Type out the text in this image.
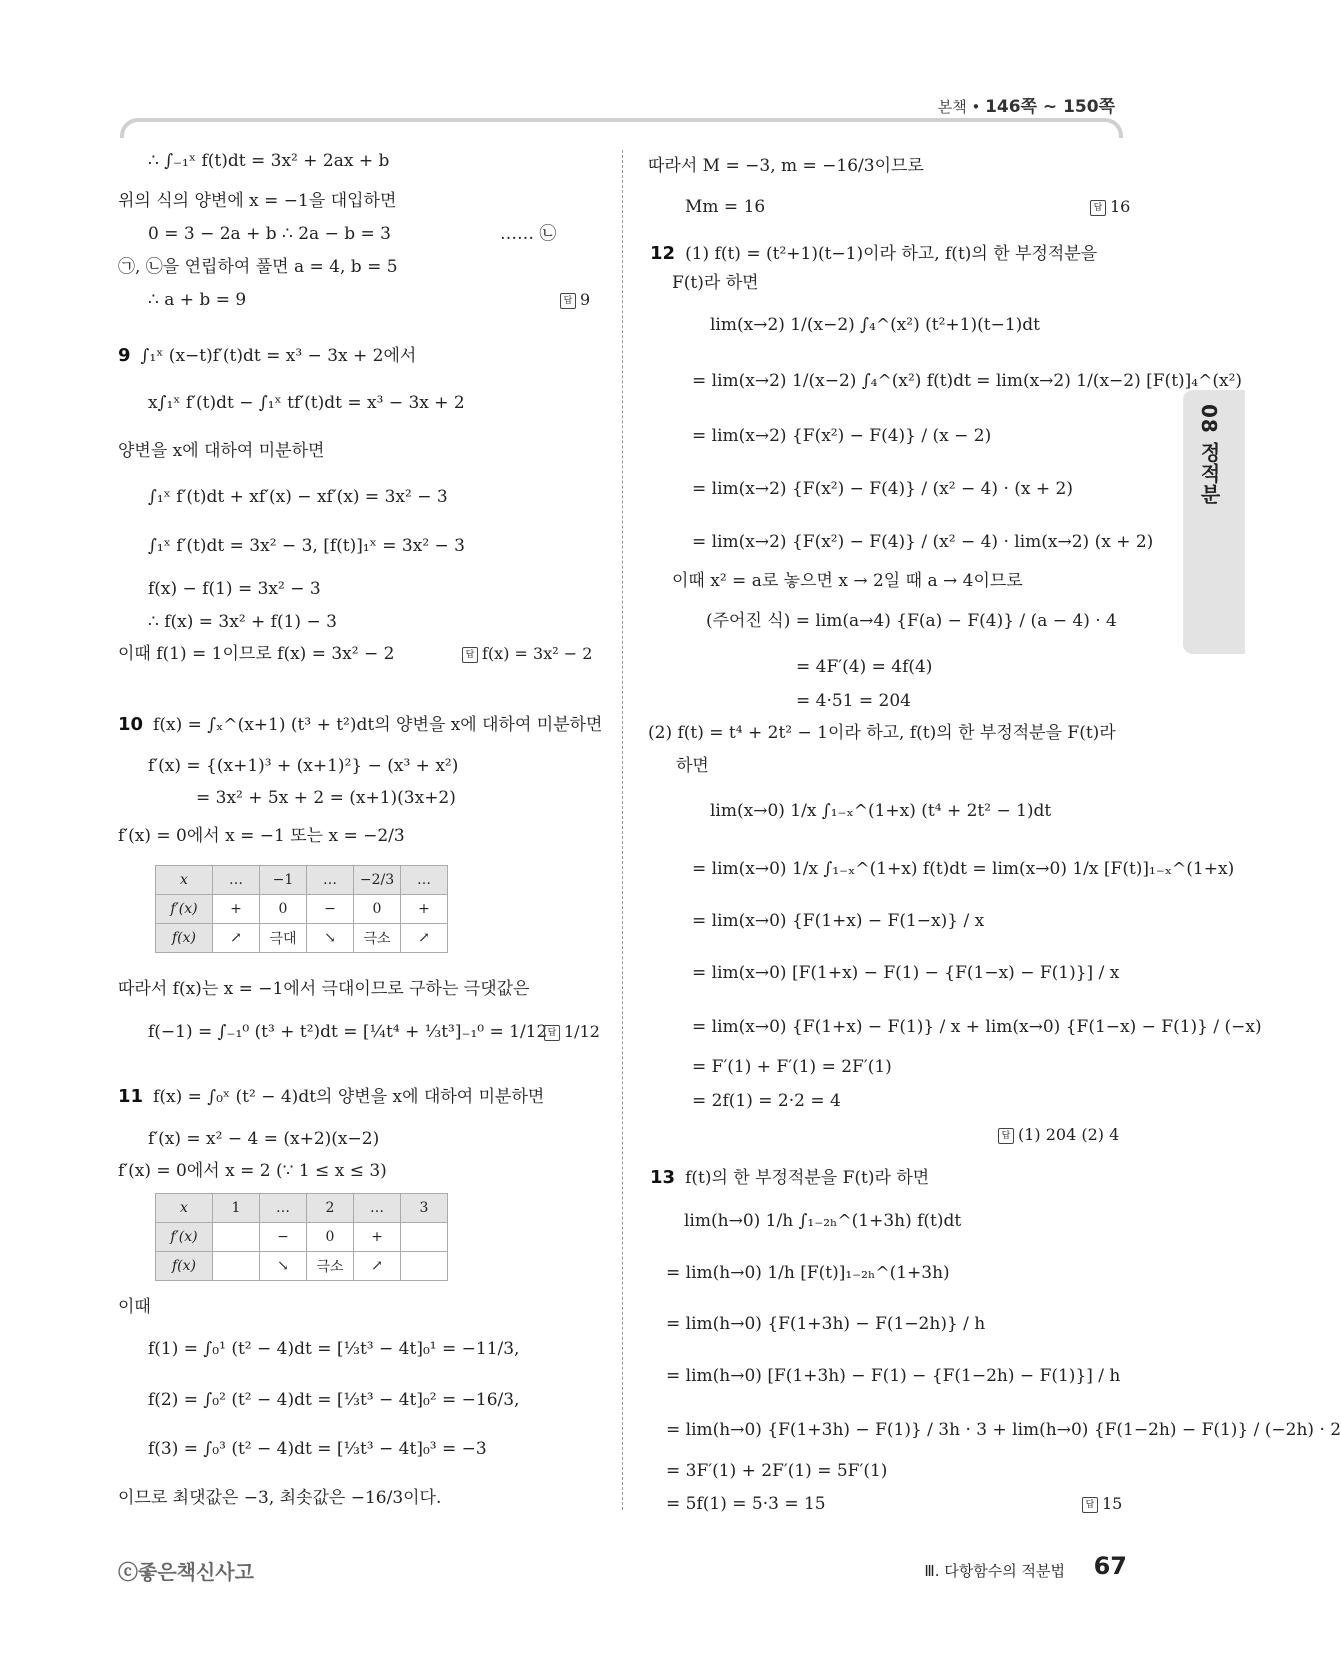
본책 • 146쪽 ~ 150쪽
08 정적분
∴ ∫₋₁ˣ f(t)dt = 3x² + 2ax + b
위의 식의 양변에 x = −1을 대입하면
0 = 3 − 2a + b ∴ 2a − b = 3	…… ㉡
㉠, ㉡을 연립하여 풀면 a = 4, b = 5
∴ a + b = 9	답 9
9 ∫₁ˣ (x−t)f′(t)dt = x³ − 3x + 2에서
x∫₁ˣ f′(t)dt − ∫₁ˣ tf′(t)dt = x³ − 3x + 2
양변을 x에 대하여 미분하면
∫₁ˣ f′(t)dt + xf′(x) − xf′(x) = 3x² − 3
∫₁ˣ f′(t)dt = 3x² − 3, [f(t)]₁ˣ = 3x² − 3
f(x) − f(1) = 3x² − 3
∴ f(x) = 3x² + f(1) − 3
이때 f(1) = 1이므로 f(x) = 3x² − 2	답 f(x) = 3x² − 2
10 f(x) = ∫ₓ^(x+1) (t³ + t²)dt의 양변을 x에 대하여 미분하면
f′(x) = {(x+1)³ + (x+1)²} − (x³ + x²)
= 3x² + 5x + 2 = (x+1)(3x+2)
f′(x) = 0에서 x = −1 또는 x = −2/3
x	…	−1	…	−2/3	…
f′(x)	+	0	−	0	+
f(x)	↗	극대	↘	극소	↗
따라서 f(x)는 x = −1에서 극대이므로 구하는 극댓값은
f(−1) = ∫₋₁⁰ (t³ + t²)dt = [¼t⁴ + ⅓t³]₋₁⁰ = 1/12 답 1/12
11 f(x) = ∫₀ˣ (t² − 4)dt의 양변을 x에 대하여 미분하면
f′(x) = x² − 4 = (x+2)(x−2)
f′(x) = 0에서 x = 2 (∵ 1 ≤ x ≤ 3)
x	1	…	2	…	3
f′(x)		−	0	+	
f(x)		↘	극소	↗	
이때
f(1) = ∫₀¹ (t² − 4)dt = [⅓t³ − 4t]₀¹ = −11/3,
f(2) = ∫₀² (t² − 4)dt = [⅓t³ − 4t]₀² = −16/3,
f(3) = ∫₀³ (t² − 4)dt = [⅓t³ − 4t]₀³ = −3
이므로 최댓값은 −3, 최솟값은 −16/3이다.
따라서 M = −3, m = −16/3이므로
Mm = 16	답 16
12 (1) f(t) = (t²+1)(t−1)이라 하고, f(t)의 한 부정적분을
F(t)라 하면
lim(x→2) 1/(x−2) ∫₄^(x²) (t²+1)(t−1)dt
= lim(x→2) 1/(x−2) ∫₄^(x²) f(t)dt = lim(x→2) 1/(x−2) [F(t)]₄^(x²)
= lim(x→2) {F(x²) − F(4)} / (x − 2)
= lim(x→2) {F(x²) − F(4)} / (x² − 4) · (x + 2)
= lim(x→2) {F(x²) − F(4)} / (x² − 4) · lim(x→2) (x + 2)
이때 x² = a로 놓으면 x → 2일 때 a → 4이므로
(주어진 식) = lim(a→4) {F(a) − F(4)} / (a − 4) · 4
= 4F′(4) = 4f(4)
= 4·51 = 204
(2) f(t) = t⁴ + 2t² − 1이라 하고, f(t)의 한 부정적분을 F(t)라
하면
lim(x→0) 1/x ∫₁₋ₓ^(1+x) (t⁴ + 2t² − 1)dt
= lim(x→0) 1/x ∫₁₋ₓ^(1+x) f(t)dt = lim(x→0) 1/x [F(t)]₁₋ₓ^(1+x)
= lim(x→0) {F(1+x) − F(1−x)} / x
= lim(x→0) [F(1+x) − F(1) − {F(1−x) − F(1)}] / x
= lim(x→0) {F(1+x) − F(1)} / x + lim(x→0) {F(1−x) − F(1)} / (−x)
= F′(1) + F′(1) = 2F′(1)
= 2f(1) = 2·2 = 4
답 (1) 204 (2) 4
13 f(t)의 한 부정적분을 F(t)라 하면
lim(h→0) 1/h ∫₁₋₂ₕ^(1+3h) f(t)dt
= lim(h→0) 1/h [F(t)]₁₋₂ₕ^(1+3h)
= lim(h→0) {F(1+3h) − F(1−2h)} / h
= lim(h→0) [F(1+3h) − F(1) − {F(1−2h) − F(1)}] / h
= lim(h→0) {F(1+3h) − F(1)} / 3h · 3 + lim(h→0) {F(1−2h) − F(1)} / (−2h) · 2
= 3F′(1) + 2F′(1) = 5F′(1)
= 5f(1) = 5·3 = 15	답 15
ⓒ좋은책신사고	Ⅲ. 다항함수의 적분법 67
